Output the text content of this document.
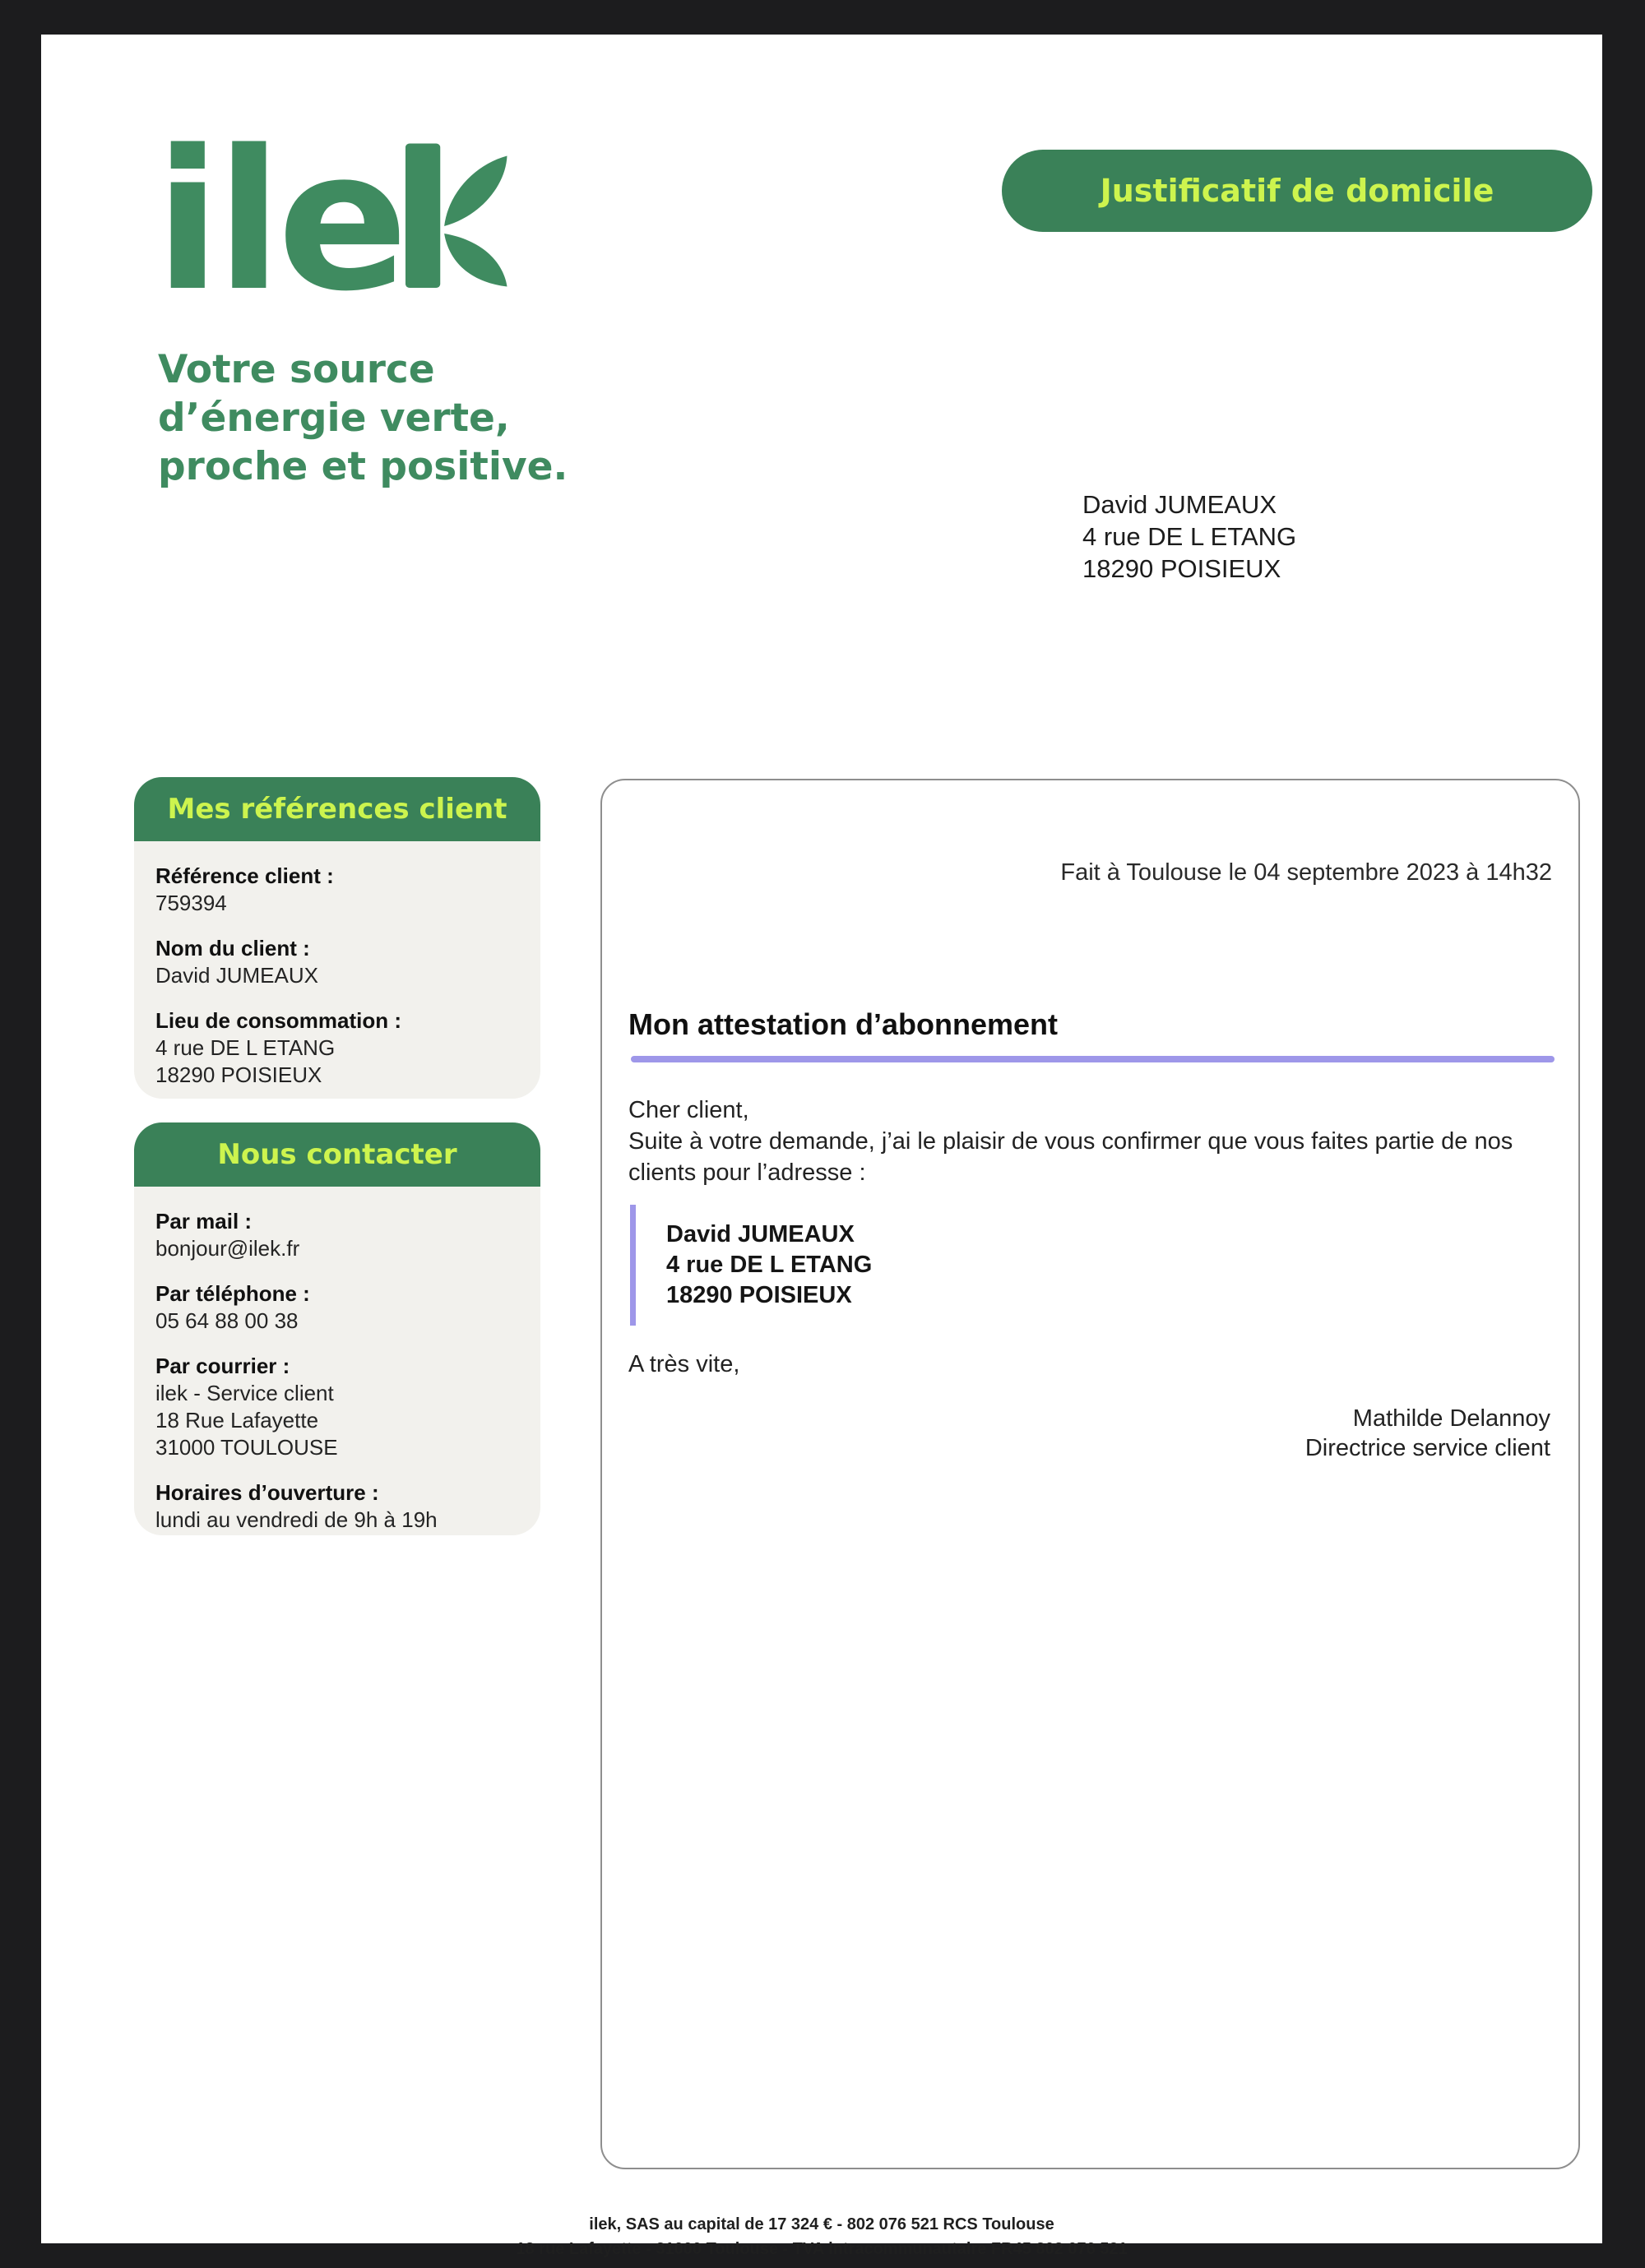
ile
Votre source
d’énergie verte,
proche et positive.
Justificatif de domicile
David JUMEAUX
4 rue DE L ETANG
18290 POISIEUX
Mes références client
Référence client :
759394
Nom du client :
David JUMEAUX
Lieu de consommation :
4 rue DE L ETANG
18290 POISIEUX
Nous contacter
Par mail :
bonjour@ilek.fr
Par téléphone :
05 64 88 00 38
Par courrier :
ilek - Service client
18 Rue Lafayette
31000 TOULOUSE
Horaires d’ouverture :
lundi au vendredi de 9h à 19h
Fait à Toulouse le 04 septembre 2023 à 14h32
Mon attestation d’abonnement
Cher client,
Suite à votre demande, j’ai le plaisir de vous confirmer que vous faites partie de nos
clients pour l’adresse :
David JUMEAUX
4 rue DE L ETANG
18290 POISIEUX
A très vite,
Mathilde Delannoy
Directrice service client
ilek, SAS au capital de 17 324 € - 802 076 521 RCS Toulouse
18 rue Lafayette - 31000 Toulouse - TVA intracommunautaire FR45 802 076 521
